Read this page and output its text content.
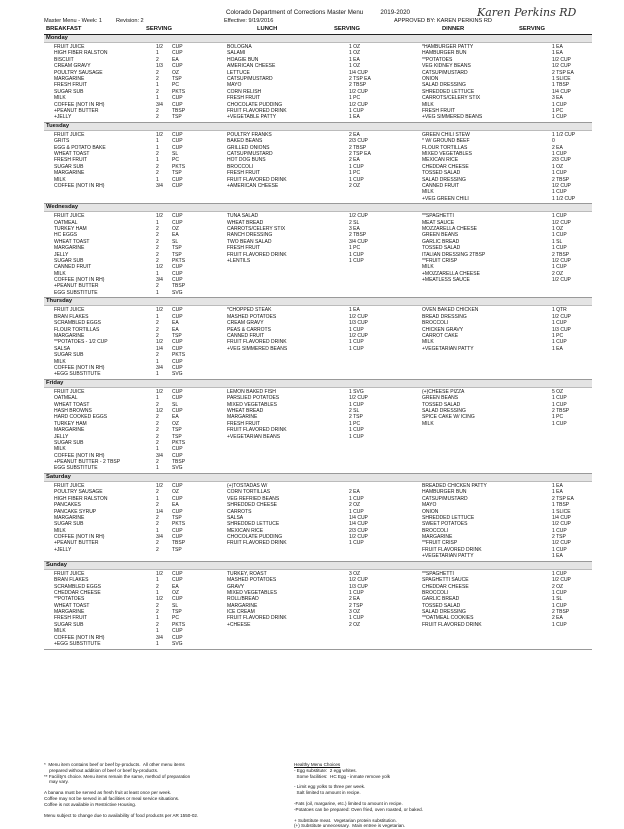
Colorado Department of Corrections Master Menu	2019-2020	Karen Perkins RD
Master Menu - Week: 1 Revision: 2	Effective: 9/19/2016	APPROVED BY: KAREN PERKINS RD
BREAKFAST	SERVING	LUNCH	SERVING	DINNER	SERVING
Monday
FRUIT JUICE	1/2 CUP
HIGH FIBER RALSTON	1	CUP
BISCUIT	2	EA
CREAM GRAVY	1/3 CUP
POULTRY SAUSAGE	2	OZ
MARGARINE	2	TSP
FRESH FRUIT	1	PC
SUGAR SUB	2	PKTS
MILK	1	CUP
COFFEE (NOT IN RH)	3/4 CUP
+PEANUT BUTTER	2	TBSP
+JELLY	2	TSP
BOLOGNA	1 OZ
SALAMI	1 OZ
HOAGIE BUN	1 EA
AMERICAN CHEESE	1 OZ
LETTUCE	1/4 CUP
CATSUP/MUSTARD	2 TSP EA
MAYO	2 TBSP
CORN RELISH	1/2 CUP
FRESH FRUIT	1 PC
CHOCOLATE PUDDING	1/2 CUP
FRUIT FLAVORED DRINK	1 CUP
+VEGETABLE PATTY	1 EA
*HAMBURGER PATTY	1 EA
HAMBURGER BUN	1 EA
**POTATOES	1/2 CUP
VEG KIDNEY BEANS	1/2 CUP
CATSUP/MUSTARD	2 TSP EA
ONION	1 SLICE
SALAD DRESSING	1 TBSP
SHREDDED LETTUCE	1/4 CUP
CARROTS/CELERY STIX	3 EA
MILK	1 CUP
FRESH FRUIT	1 PC
+VEG SIMMERED BEANS	1 CUP
Tuesday
FRUIT JUICE	1/2 CUP
GRITS	1	CUP
EGG & POTATO BAKE	1	CUP
WHEAT TOAST	2	SL
FRESH FRUIT	1	PC
SUGAR SUB	2	PKTS
MARGARINE	2	TSP
MILK	1	CUP
COFFEE (NOT IN RH)	3/4 CUP
POULTRY FRANKS	2 EA
BAKED BEANS	2/3 CUP
GRILLED ONIONS	2 TBSP
CATSUP/MUSTARD	2 TSP EA
HOT DOG BUNS	2 EA
BROCCOLI	1 CUP
FRESH FRUIT	1 PC
FRUIT FLAVORED DRINK	1 CUP
+AMERICAN CHEESE	2 OZ
GREEN CHILI STEW	1 1/2 CUP
* W/ GROUND BEEF	0
FLOUR TORTILLAS	2 EA
MIXED VEGETABLES	1 CUP
MEXICAN RICE	2/3 CUP
CHEDDAR CHEESE	1 OZ
TOSSED SALAD	1 CUP
SALAD DRESSING	2 TBSP
CANNED FRUIT	1/2 CUP
MILK	1 CUP
+VEG GREEN CHILI	1 1/2 CUP
Wednesday
FRUIT JUICE	1/2 CUP
OATMEAL	1	CUP
TURKEY HAM	2	OZ
HC EGGS	2	EA
WHEAT TOAST	2	SL
MARGARINE	2	TSP
JELLY	2	TSP
SUGAR SUB	2	PKTS
CANNED FRUIT	1/2 CUP
MILK	1	CUP
COFFEE (NOT IN RH)	3/4 CUP
+PEANUT BUTTER	2	TBSP
EGG SUBSTITUTE	1	SVG
TUNA SALAD	1/2 CUP
WHEAT BREAD	2 SL
CARROTS/CELERY STIX	3 EA
RANCH DRESSING	2 TBSP
TWO BEAN SALAD	3/4 CUP
FRESH FRUIT	1 PC
FRUIT FLAVORED DRINK	1 CUP
+LENTILS	1 CUP
**SPAGHETTI	1 CUP
MEAT SAUCE	1/2 CUP
MOZZARELLA CHEESE	1 OZ
GREEN BEANS	1 CUP
GARLIC BREAD	1 SL
TOSSED SALAD	1 CUP
ITALIAN DRESSING 2TBSP	2 TBSP
**FRUIT CRISP	1/2 CUP
MILK	1 CUP
+MOZZARELLA CHEESE	2 OZ
+MEATLESS SAUCE	1/2 CUP
Thursday
FRUIT JUICE	1/2 CUP
BRAN FLAKES	1	CUP
SCRAMBLED EGGS	2	EA
FLOUR TORTILLAS	2	EA
MARGARINE	2	TSP
**POTATOES - 1/2 CUP	1/2 CUP
SALSA	1/4 CUP
SUGAR SUB	2	PKTS
MILK	1	CUP
COFFEE (NOT IN RH)	3/4 CUP
+EGG SUBSTITUTE	1	SVG
*CHOPPED STEAK	1 EA
MASHED POTATOES	1/2 CUP
CREAM GRAVY	1/3 CUP
PEAS & CARROTS	1 CUP
CANNED FRUIT	1/2 CUP
FRUIT FLAVORED DRINK	1 CUP
+VEG SIMMERED BEANS	1 CUP
OVEN BAKED CHICKEN	1 QTR
BREAD DRESSING	1/2 CUP
BROCCOLI	1 CUP
CHICKEN GRAVY	1/3 CUP
CARROT CAKE	1 PC
MILK	1 CUP
+VEGETARIAN PATTY	1 EA
Friday
FRUIT JUICE	1/2 CUP
OATMEAL	1	CUP
WHEAT TOAST	2	SL
HASH BROWNS	1/2 CUP
HARD COOKED EGGS	2	EA
TURKEY HAM	2	OZ
MARGARINE	2	TSP
JELLY	2	TSP
SUGAR SUB	2	PKTS
MILK	1	CUP
COFFEE (NOT IN RH)	3/4 CUP
+PEANUT BUTTER - 2 TBSP	2	TBSP
EGG SUBSTITUTE	1	SVG
LEMON BAKED FISH	1 SVG
PARSLIED POTATOES	1/2 CUP
MIXED VEGETABLES	1 CUP
WHEAT BREAD	2 SL
MARGARINE	2 TSP
FRESH FRUIT	1 PC
FRUIT FLAVORED DRINK	1 CUP
+VEGETARIAN BEANS	1 CUP
(+)CHEESE PIZZA	5 OZ
GREEN BEANS	1 CUP
TOSSED SALAD	1 CUP
SALAD DRESSING	2 TBSP
SPICE CAKE W/ ICING	1 PC
MILK	1 CUP
Saturday
FRUIT JUICE	1/2 CUP
POULTRY SAUSAGE	2	OZ
HIGH FIBER RALSTON	1	CUP
PANCAKES	2	EA
PANCAKE SYRUP	1/4 CUP
MARGARINE	2	TSP
SUGAR SUB	2	PKTS
MILK	1	CUP
COFFEE (NOT IN RH)	3/4 CUP
+PEANUT BUTTER	2	TBSP
+JELLY	2	TSP
(+)TOSTADAS W/
CORN TORTILLAS	2 EA
VEG REFRIED BEANS	1 CUP
SHREDDED CHEESE	2 OZ
CARROTS	1 CUP
SALSA	1/4 CUP
SHREDDED LETTUCE	1/4 CUP
MEXICAN RICE	2/3 CUP
CHOCOLATE PUDDING	1/2 CUP
FRUIT FLAVORED DRINK	1 CUP
BREADED CHICKEN PATTY	1 EA
HAMBURGER BUN	1 EA
CATSUP/MUSTARD	2 TSP EA
MAYO	1 TBSP
ONION	1 SLICE
SHREDDED LETTUCE	1/4 CUP
SWEET POTATOES	1/2 CUP
BROCCOLI	1 CUP
MARGARINE	2 TSP
**FRUIT CRISP	1/2 CUP
FRUIT FLAVORED DRINK	1 CUP
+VEGETARIAN PATTY	1 EA
Sunday
FRUIT JUICE	1/2 CUP
BRAN FLAKES	1	CUP
SCRAMBLED EGGS	2	EA
CHEDDAR CHEESE	1	OZ
**POTATOES	1/2 CUP
WHEAT TOAST	2	SL
MARGARINE	2	TSP
FRESH FRUIT	1	PC
SUGAR SUB	2	PKTS
MILK	1	CUP
COFFEE (NOT IN RH)	3/4 CUP
+EGG SUBSTITUTE	1	SVG
TURKEY, ROAST	3 OZ
MASHED POTATOES	1/2 CUP
GRAVY	1/3 CUP
MIXED VEGETABLES	1 CUP
ROLL/BREAD	2 EA
MARGARINE	2 TSP
ICE CREAM	3 OZ
FRUIT FLAVORED DRINK	1 CUP
+CHEESE	2 OZ
**SPAGHETTI	1 CUP
SPAGHETTI SAUCE	1/2 CUP
CHEDDAR CHEESE	2 OZ
BROCCOLI	1 CUP
GARLIC BREAD	1 SL
TOSSED SALAD	1 CUP
SALAD DRESSING	2 TBSP
**OATMEAL COOKIES	2 EA
FRUIT FLAVORED DRINK	1 CUP
*  Menu item contains beef or beef by-products.  All other menu items
prepared without addition of beef or beef by-products.
** Facility's choice. Menu items remain the same, method of preparation
may vary.
A banana must be served as fresh fruit at least once per week.
Coffee may not be served in all facilities or meal service situations.
Coffee is not available in Restrictive Housing.
Menu subject to change due to availability of food products per AR 1550-02.
Healthy Menu Choices
- Egg substitute:  2 egg whites.
Some facilities:  HC Egg - inmate remove yolk
- Limit egg yolks to three per week.
Salt limited to amount in recipe.
-Fats (oil, margarine, etc.) limited to amount in recipe.
-Potatoes can be prepared: Oven fried, oven roasted, or baked.
+ Substitute meat.  Vegetarian protein substitution.
(+) Substitute unnecessary.  Main entree is vegetarian.
